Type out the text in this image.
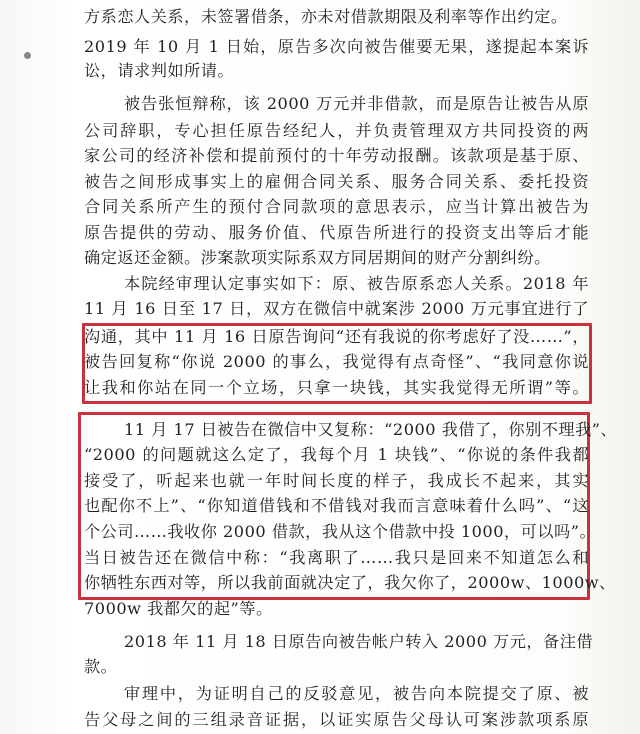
方系恋人关系，未签署借条，亦未对借款期限及利率等作出约定。
2019 年 10 月 1 日始，原告多次向被告催要无果，遂提起本案诉
讼，请求判如所请。
被告张恒辩称，该 2000 万元并非借款，而是原告让被告从原
公司辞职，专心担任原告经纪人，并负责管理双方共同投资的两
家公司的经济补偿和提前预付的十年劳动报酬。该款项是基于原、
被告之间形成事实上的雇佣合同关系、服务合同关系、委托投资
合同关系所产生的预付合同款项的意思表示，应当计算出被告为
原告提供的劳动、服务价值、代原告所进行的投资支出等后才能
确定返还金额。涉案款项实际系双方同居期间的财产分割纠纷。
本院经审理认定事实如下：原、被告原系恋人关系。2018 年
11 月 16 日至 17 日，双方在微信中就案涉 2000 万元事宜进行了
沟通，其中 11 月 16 日原告询问“还有我说的你考虑好了没……”，
被告回复称“你说 2000 的事么，我觉得有点奇怪”、“我同意你说
让我和你站在同一个立场，只拿一块钱，其实我觉得无所谓”等。
11 月 17 日被告在微信中又复称：“2000 我借了，你别不理我”、
“2000 的问题就这么定了，我每个月 1 块钱”、“你说的条件我都
接受了，听起来也就一年时间长度的样子，我成长不起来，其实
也配你不上”、“你知道借钱和不借钱对我而言意味着什么吗”、“这
个公司……我收你 2000 借款，我从这个借款中投 1000，可以吗”。
当日被告还在微信中称：“我离职了……我只是回来不知道怎么和
你牺牲东西对等，所以我前面就决定了，我欠你了，2000w、1000w、
7000w 我都欠的起”等。
2018 年 11 月 18 日原告向被告帐户转入 2000 万元，备注借
款。
审理中，为证明自己的反驳意见，被告向本院提交了原、被
告父母之间的三组录音证据，以证实原告父母认可案涉款项系原
